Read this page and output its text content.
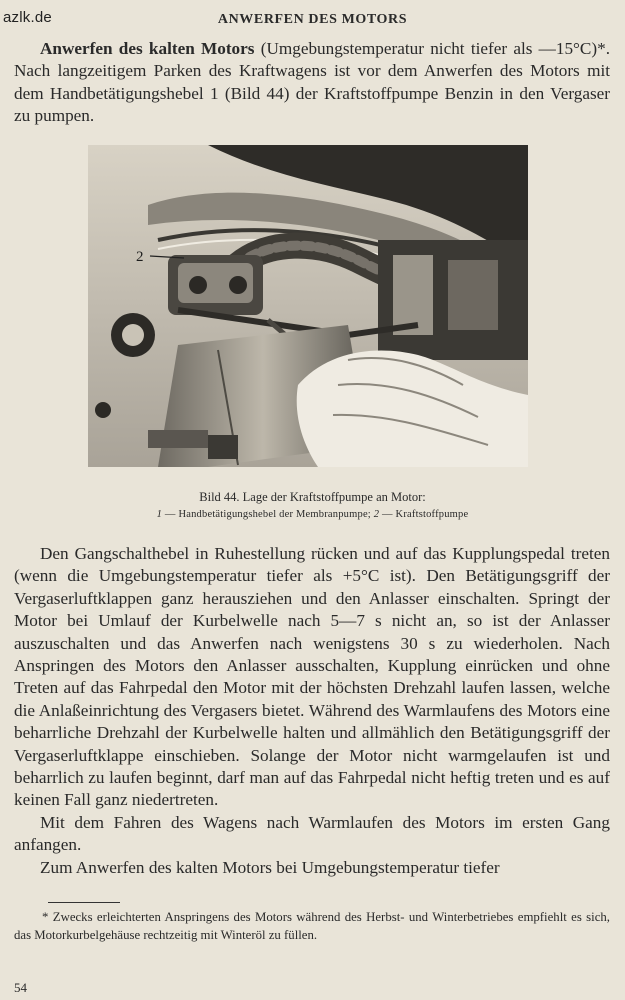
azlk.de	ANWERFEN DES MOTORS

Anwerfen des kalten Motors (Umgebungstemperatur nicht tiefer als —15°C)*. Nach langzeitigem Parken des Kraftwagens ist vor dem Anwerfen des Motors mit dem Handbetätigungshebel 1 (Bild 44) der Kraftstoffpumpe Benzin in den Vergaser zu pumpen.

2
Bild 44. Lage der Kraftstoffpumpe an Motor:
1 — Handbetätigungshebel der Membranpumpe; 2 — Kraftstoffpumpe

Den Gangschalthebel in Ruhestellung rücken und auf das Kupplungspedal treten (wenn die Umgebungstemperatur tiefer als +5°C ist). Den Betätigungsgriff der Vergaserluftklappen ganz herausziehen und den Anlasser einschalten. Springt der Motor bei Umlauf der Kurbelwelle nach 5—7 s nicht an, so ist der Anlasser auszuschalten und das Anwerfen nach wenigstens 30 s zu wiederholen. Nach Anspringen des Motors den Anlasser ausschalten, Kupplung einrücken und ohne Treten auf das Fahrpedal den Motor mit der höchsten Drehzahl laufen lassen, welche die Anlaßeinrichtung des Vergasers bietet. Während des Warmlaufens des Motors eine beharrliche Drehzahl der Kurbelwelle halten und allmählich den Betätigungsgriff der Vergaserluftklappe einschieben. Solange der Motor nicht warmgelaufen ist und beharrlich zu laufen beginnt, darf man auf das Fahrpedal nicht heftig treten und es auf keinen Fall ganz niedertreten.

Mit dem Fahren des Wagens nach Warmlaufen des Motors im ersten Gang anfangen.

Zum Anwerfen des kalten Motors bei Umgebungstemperatur tiefer

* Zwecks erleichterten Anspringens des Motors während des Herbst- und Winterbetriebes empfiehlt es sich, das Motorkurbelgehäuse rechtzeitig mit Winteröl zu füllen.
54
